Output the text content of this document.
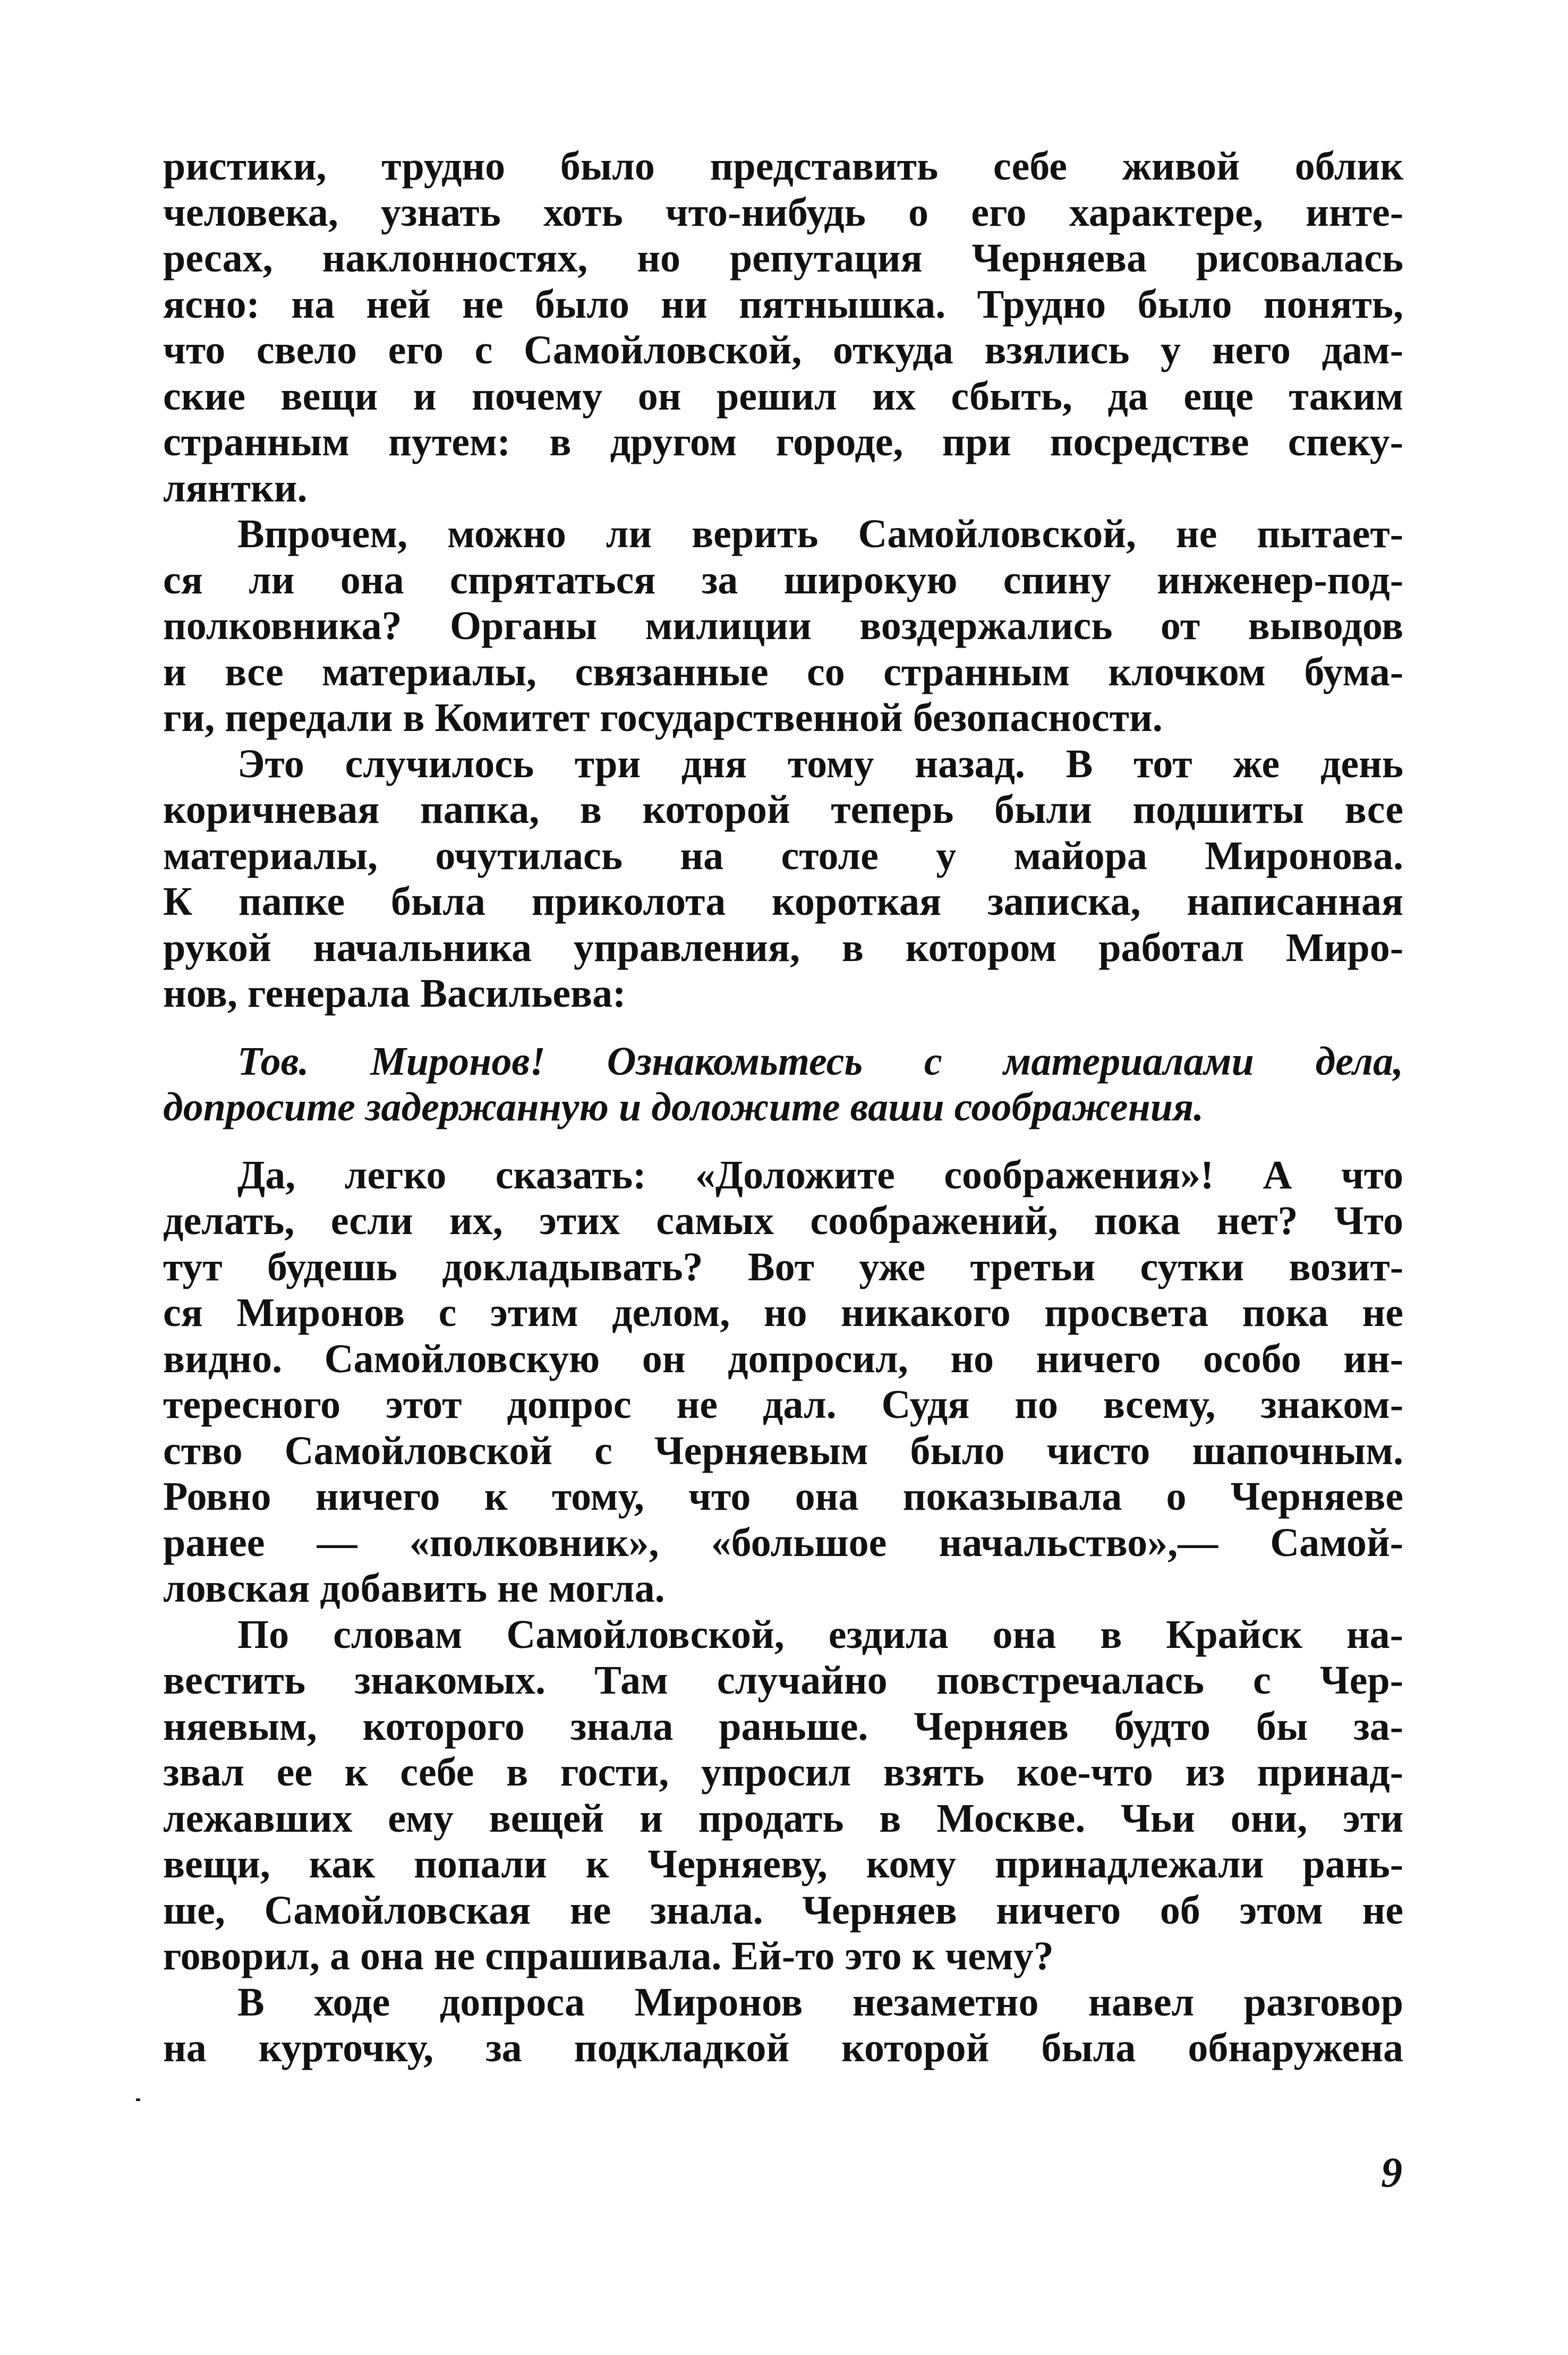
ристики, трудно было представить себе живой облик
человека, узнать хоть что-нибудь о его характере, инте-
ресах, наклонностях, но репутация Черняева рисовалась
ясно: на ней не было ни пятнышка. Трудно было понять,
что свело его с Самойловской, откуда взялись у него дам-
ские вещи и почему он решил их сбыть, да еще таким
странным путем: в другом городе, при посредстве спеку-
лянтки.
Впрочем, можно ли верить Самойловской, не пытает-
ся ли она спрятаться за широкую спину инженер-под-
полковника? Органы милиции воздержались от выводов
и все материалы, связанные со странным клочком бума-
ги, передали в Комитет государственной безопасности.
Это случилось три дня тому назад. В тот же день
коричневая папка, в которой теперь были подшиты все
материалы, очутилась на столе у майора Миронова.
К папке была приколота короткая записка, написанная
рукой начальника управления, в котором работал Миро-
нов, генерала Васильева:
Тов. Миронов! Ознакомьтесь с материалами дела,
допросите задержанную и доложите ваши соображения.
Да, легко сказать: «Доложите соображения»! А что
делать, если их, этих самых соображений, пока нет? Что
тут будешь докладывать? Вот уже третьи сутки возит-
ся Миронов с этим делом, но никакого просвета пока не
видно. Самойловскую он допросил, но ничего особо ин-
тересного этот допрос не дал. Судя по всему, знаком-
ство Самойловской с Черняевым было чисто шапочным.
Ровно ничего к тому, что она показывала о Черняеве
ранее — «полковник», «большое начальство»,— Самой-
ловская добавить не могла.
По словам Самойловской, ездила она в Крайск на-
вестить знакомых. Там случайно повстречалась с Чер-
няевым, которого знала раньше. Черняев будто бы за-
звал ее к себе в гости, упросил взять кое-что из принад-
лежавших ему вещей и продать в Москве. Чьи они, эти
вещи, как попали к Черняеву, кому принадлежали рань-
ше, Самойловская не знала. Черняев ничего об этом не
говорил, а она не спрашивала. Ей-то это к чему?
В ходе допроса Миронов незаметно навел разговор
на курточку, за подкладкой которой была обнаружена
9
